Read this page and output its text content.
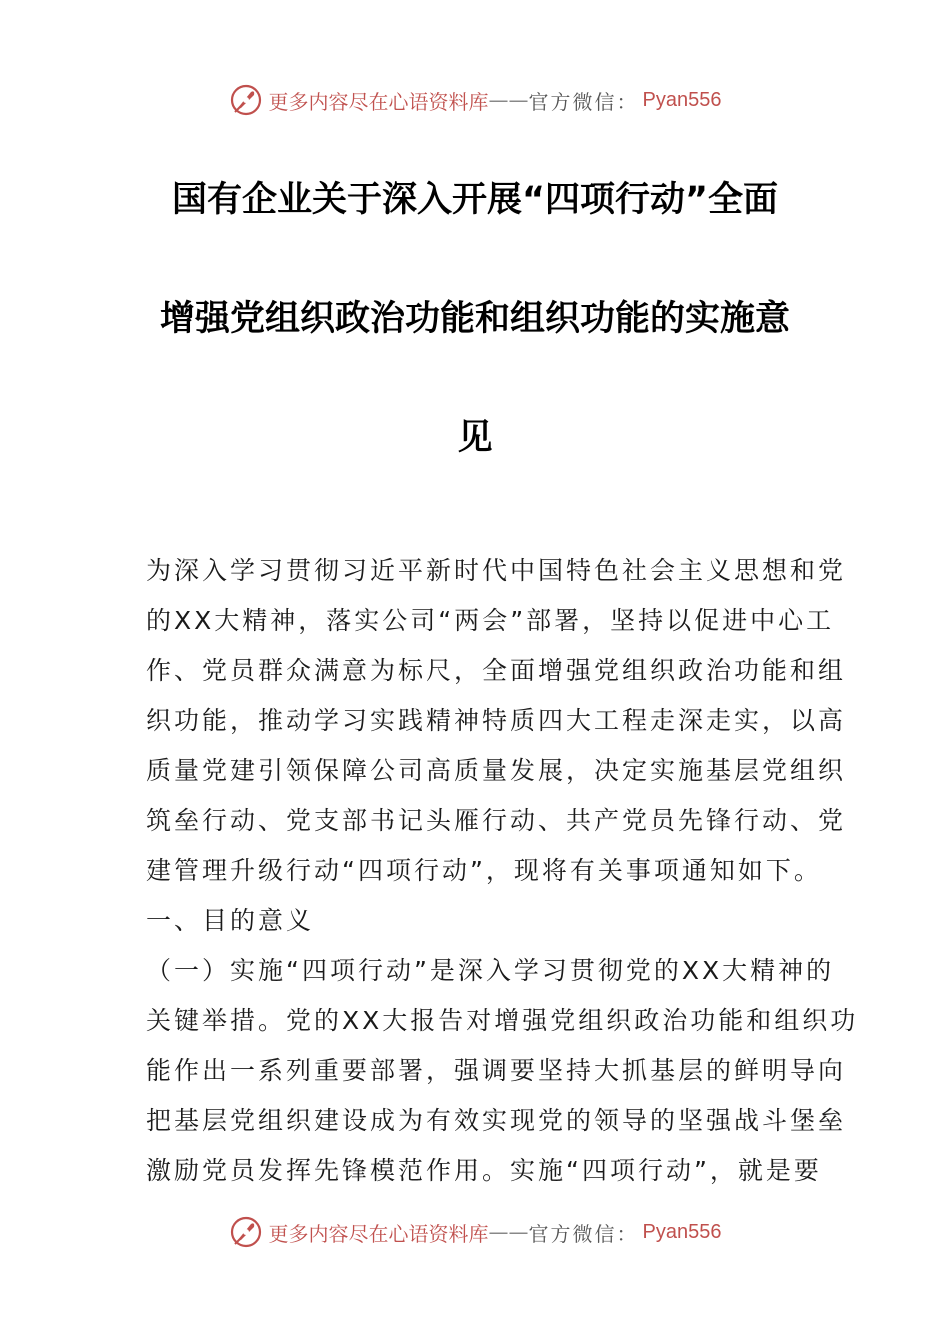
更多内容尽在心语资料库 —— 官方微信： Pyan556
国有企业关于深入开展“四项行动”全面
增强党组织政治功能和组织功能的实施意
见
为深入学习贯彻习近平新时代中国特色社会主义思想和党
的XX大精神，落实公司“两会”部署，坚持以促进中心工
作、党员群众满意为标尺，全面增强党组织政治功能和组
织功能，推动学习实践精神特质四大工程走深走实，以高
质量党建引领保障公司高质量发展，决定实施基层党组织
筑垒行动、党支部书记头雁行动、共产党员先锋行动、党
建管理升级行动“四项行动”，现将有关事项通知如下。
一、目的意义
（一）实施“四项行动”是深入学习贯彻党的XX大精神的
关键举措。党的XX大报告对增强党组织政治功能和组织功
能作出一系列重要部署，强调要坚持大抓基层的鲜明导向
把基层党组织建设成为有效实现党的领导的坚强战斗堡垒
激励党员发挥先锋模范作用。实施“四项行动”，就是要
更多内容尽在心语资料库 —— 官方微信： Pyan556
